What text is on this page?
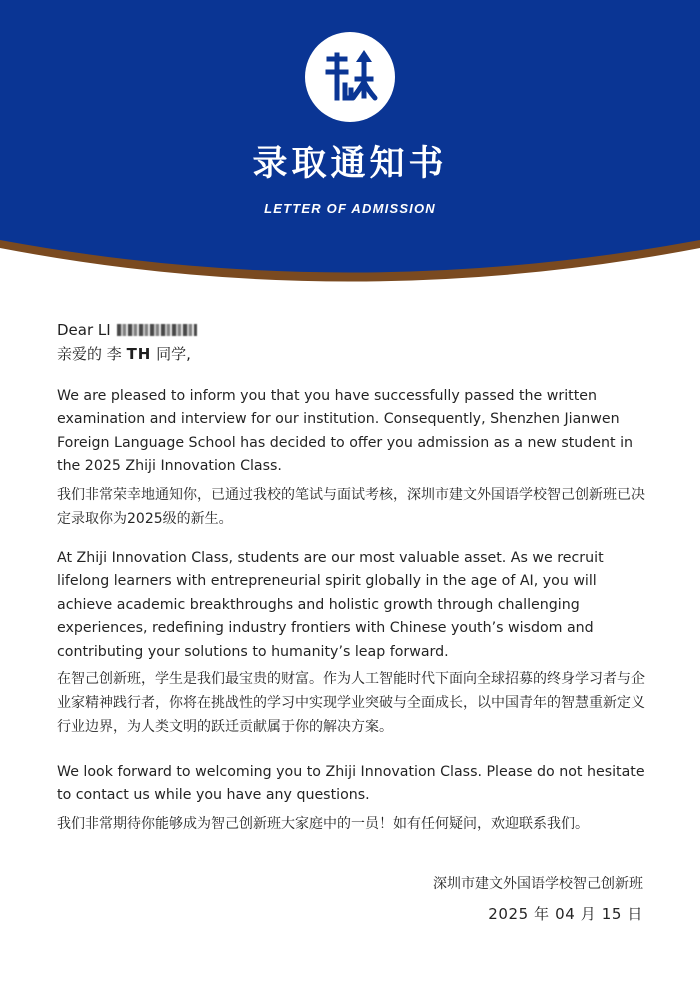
录取通知书
LETTER OF ADMISSION

Dear LI

亲爱的 李 TH 同学,

We are pleased to inform you that you have successfully passed the written examination and interview for our institution. Consequently, Shenzhen Jianwen Foreign Language School has decided to offer you admission as a new student in the 2025 Zhiji Innovation Class.

我们非常荣幸地通知你，已通过我校的笔试与面试考核，深圳市建文外国语学校智己创新班已决定录取你为2025级的新生。

At Zhiji Innovation Class, students are our most valuable asset. As we recruit lifelong learners with entrepreneurial spirit globally in the age of AI, you will achieve academic breakthroughs and holistic growth through challenging experiences, redefining industry frontiers with Chinese youth’s wisdom and contributing your solutions to humanity’s leap forward.

在智己创新班，学生是我们最宝贵的财富。作为人工智能时代下面向全球招募的终身学习者与企业家精神践行者，你将在挑战性的学习中实现学业突破与全面成长，以中国青年的智慧重新定义行业边界，为人类文明的跃迁贡献属于你的解决方案。

We look forward to welcoming you to Zhiji Innovation Class. Please do not hesitate to contact us while you have any questions.

我们非常期待你能够成为智己创新班大家庭中的一员！如有任何疑问，欢迎联系我们。

深圳市建文外国语学校智己创新班
2025 年 04 月 15 日
